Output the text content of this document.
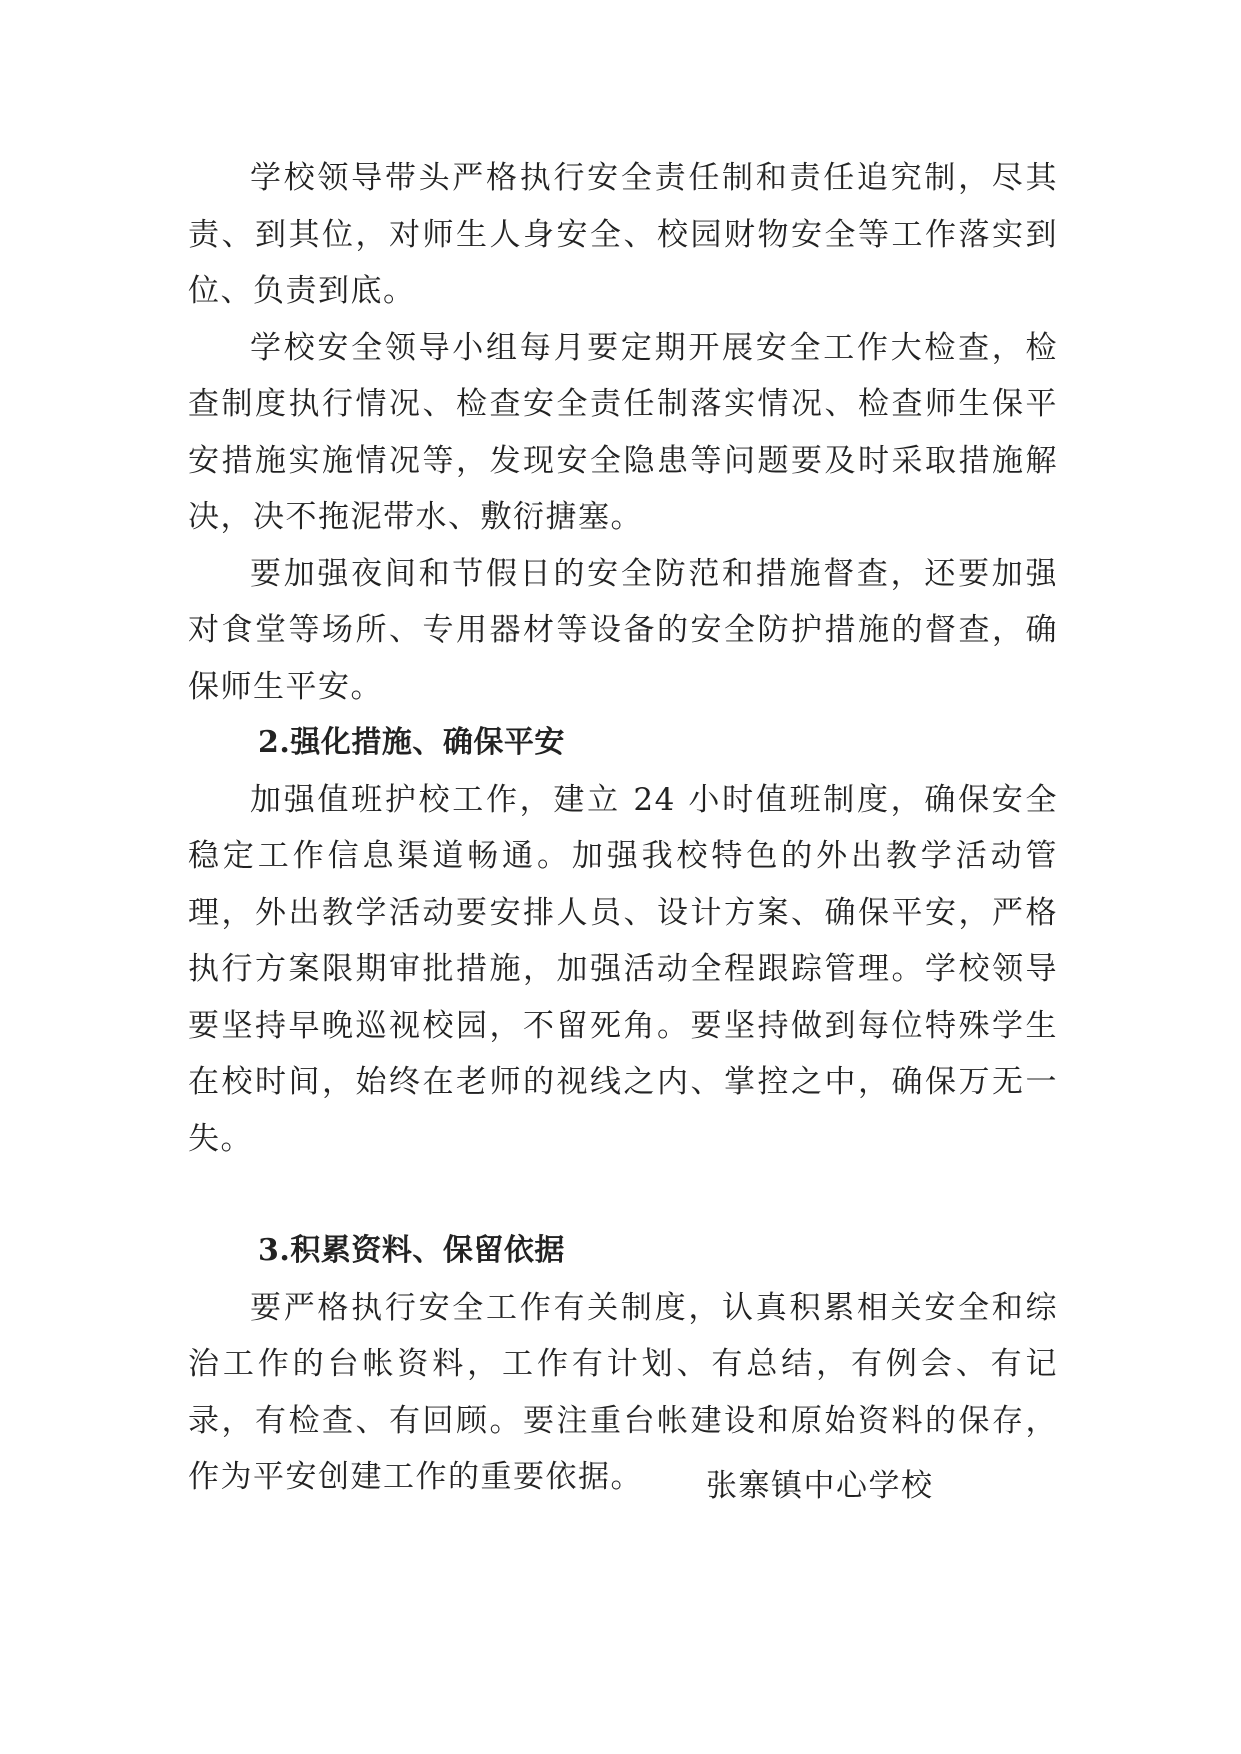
学校领导带头严格执行安全责任制和责任追究制，尽其责、到其位，对师生人身安全、校园财物安全等工作落实到位、负责到底。

学校安全领导小组每月要定期开展安全工作大检查，检查制度执行情况、检查安全责任制落实情况、检查师生保平安措施实施情况等，发现安全隐患等问题要及时采取措施解决，决不拖泥带水、敷衍搪塞。

要加强夜间和节假日的安全防范和措施督查，还要加强对食堂等场所、专用器材等设备的安全防护措施的督查，确保师生平安。

2.强化措施、确保平安

加强值班护校工作，建立 24 小时值班制度，确保安全稳定工作信息渠道畅通。加强我校特色的外出教学活动管理，外出教学活动要安排人员、设计方案、确保平安，严格执行方案限期审批措施，加强活动全程跟踪管理。学校领导要坚持早晚巡视校园，不留死角。要坚持做到每位特殊学生在校时间，始终在老师的视线之内、掌控之中，确保万无一失。

3.积累资料、保留依据

要严格执行安全工作有关制度，认真积累相关安全和综治工作的台帐资料，工作有计划、有总结，有例会、有记录，有检查、有回顾。要注重台帐建设和原始资料的保存，作为平安创建工作的重要依据。	张寨镇中心学校
